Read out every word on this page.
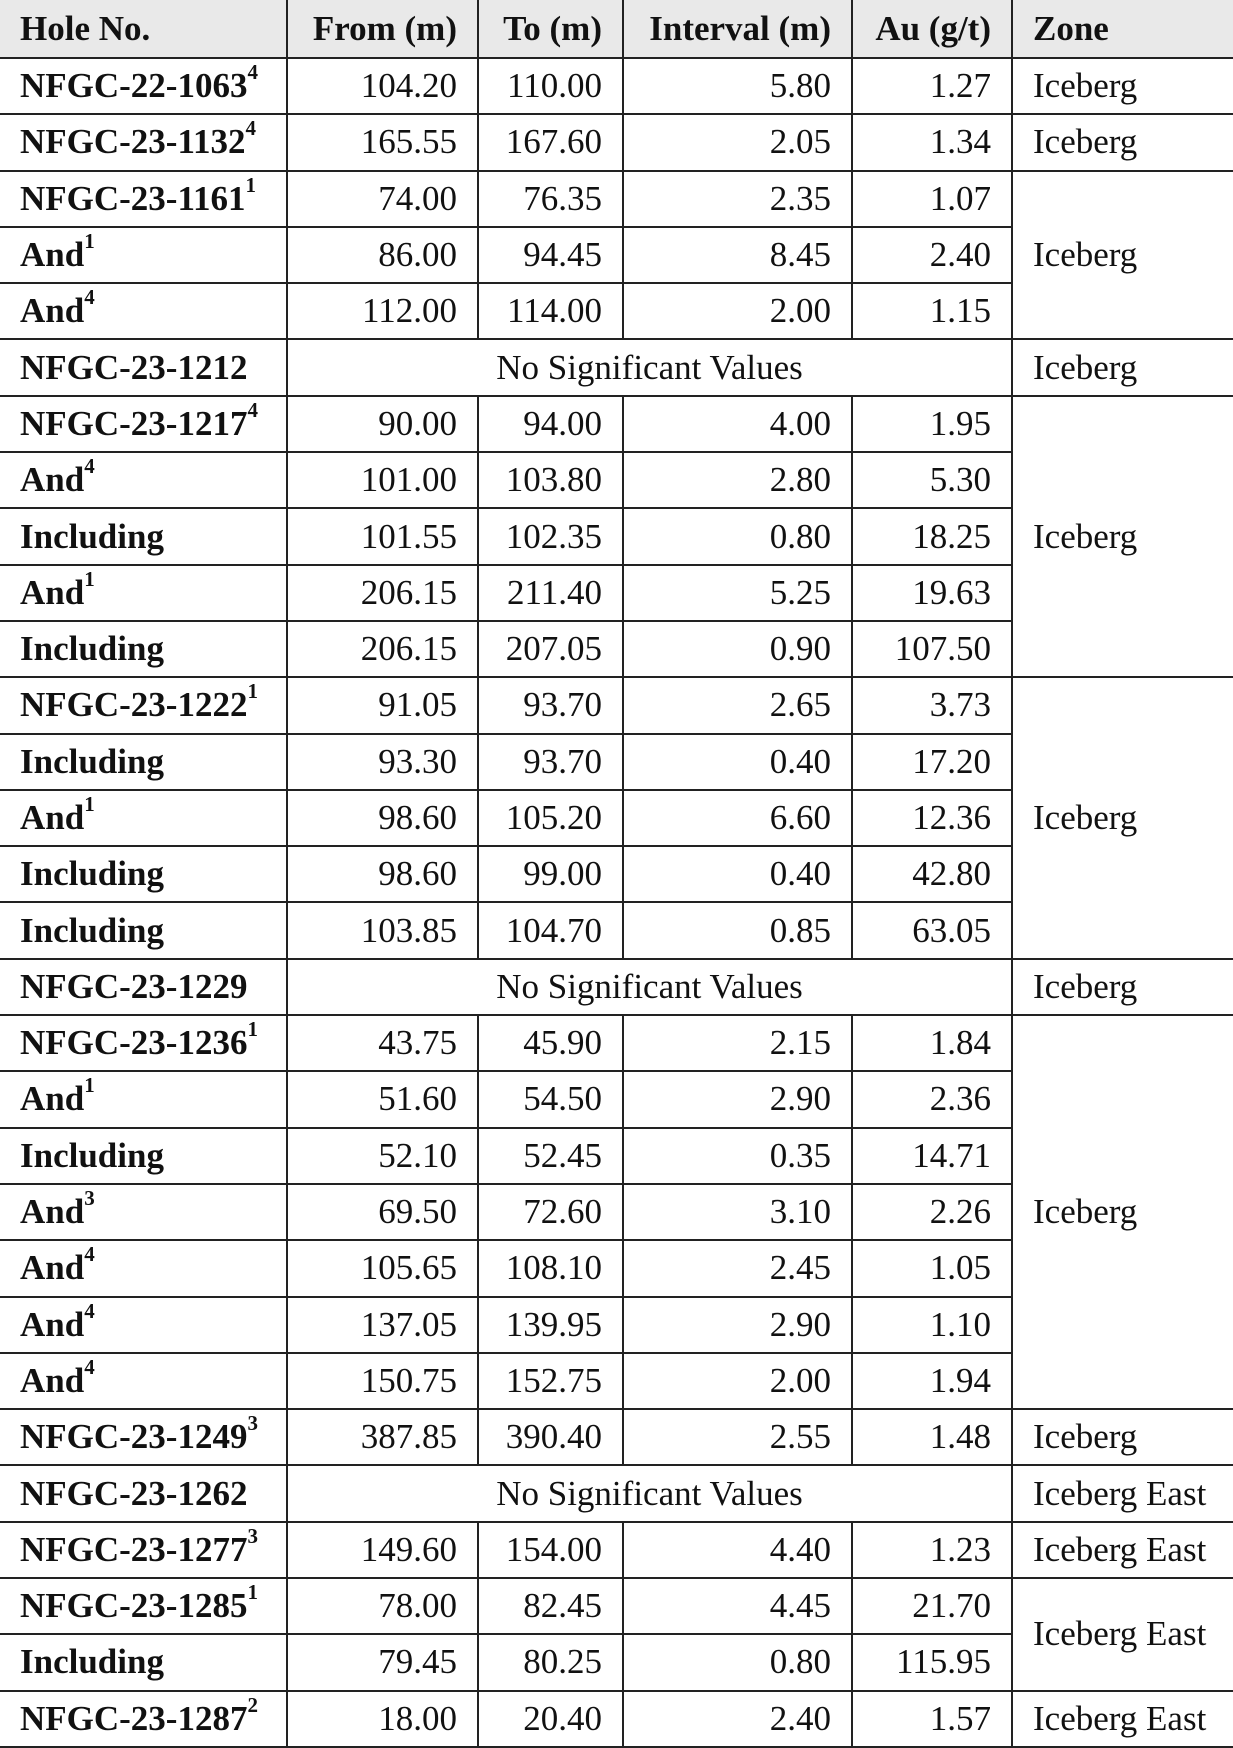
Hole No.	From (m)	To (m)	Interval (m)	Au (g/t)	Zone
NFGC-22-1063$^4$	104.20	110.00	5.80	1.27	Iceberg
NFGC-23-1132$^4$	165.55	167.60	2.05	1.34	Iceberg
NFGC-23-1161$^1$	74.00	76.35	2.35	1.07	Iceberg
And$^1$	86.00	94.45	8.45	2.40	
And$^4$	112.00	114.00	2.00	1.15	
NFGC-23-1212	No Significant Values				Iceberg
NFGC-23-1217$^4$	90.00	94.00	4.00	1.95	Iceberg
And$^4$	101.00	103.80	2.80	5.30	
Including	101.55	102.35	0.80	18.25	
And$^1$	206.15	211.40	5.25	19.63	
Including	206.15	207.05	0.90	107.50	
NFGC-23-1222$^1$	91.05	93.70	2.65	3.73	Iceberg
Including	93.30	93.70	0.40	17.20	
And$^1$	98.60	105.20	6.60	12.36	
Including	98.60	99.00	0.40	42.80	
Including	103.85	104.70	0.85	63.05	
NFGC-23-1229	No Significant Values				Iceberg
NFGC-23-1236$^1$	43.75	45.90	2.15	1.84	Iceberg
And$^1$	51.60	54.50	2.90	2.36	
Including	52.10	52.45	0.35	14.71	
And$^3$	69.50	72.60	3.10	2.26	
And$^4$	105.65	108.10	2.45	1.05	
And$^4$	137.05	139.95	2.90	1.10	
And$^4$	150.75	152.75	2.00	1.94	
NFGC-23-1249$^3$	387.85	390.40	2.55	1.48	Iceberg
NFGC-23-1262	No Significant Values				Iceberg East
NFGC-23-1277$^3$	149.60	154.00	4.40	1.23	Iceberg East
NFGC-23-1285$^1$	78.00	82.45	4.45	21.70	Iceberg East
Including	79.45	80.25	0.80	115.95	
NFGC-23-1287$^2$	18.00	20.40	2.40	1.57	Iceberg East
